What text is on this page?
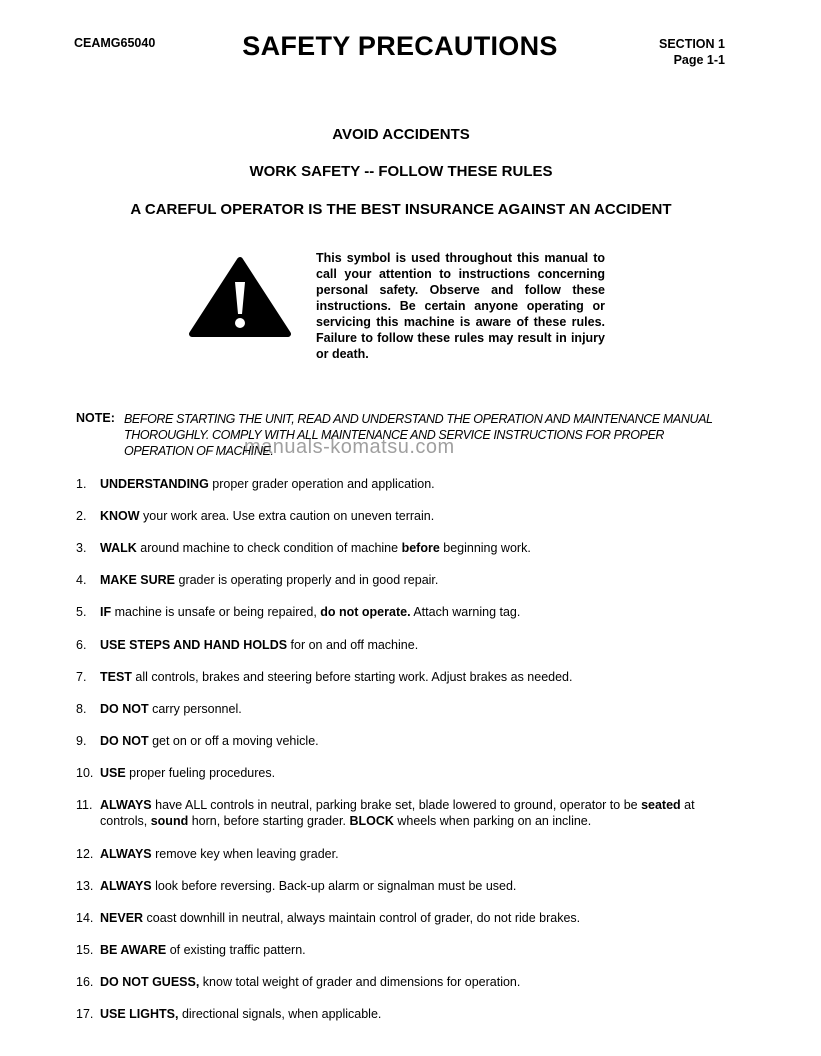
CEAMG65040	SAFETY PRECAUTIONS	SECTION 1
Page 1-1
AVOID ACCIDENTS
WORK SAFETY -- FOLLOW THESE RULES
A CAREFUL OPERATOR IS THE BEST INSURANCE AGAINST AN ACCIDENT
This symbol is used throughout this manual to call your attention to instructions concerning personal safety. Observe and follow these instructions. Be certain anyone operating or servicing this machine is aware of these rules. Failure to follow these rules may result in injury or death.
NOTE: BEFORE STARTING THE UNIT, READ AND UNDERSTAND THE OPERATION AND MAINTENANCE MANUAL THOROUGHLY. COMPLY WITH ALL MAINTENANCE AND SERVICE INSTRUCTIONS FOR PROPER OPERATION OF MACHINE.
manuals-komatsu.com
1. UNDERSTANDING proper grader operation and application.
2. KNOW your work area. Use extra caution on uneven terrain.
3. WALK around machine to check condition of machine before beginning work.
4. MAKE SURE grader is operating properly and in good repair.
5. IF machine is unsafe or being repaired, do not operate. Attach warning tag.
6. USE STEPS AND HAND HOLDS for on and off machine.
7. TEST all controls, brakes and steering before starting work. Adjust brakes as needed.
8. DO NOT carry personnel.
9. DO NOT get on or off a moving vehicle.
10. USE proper fueling procedures.
11. ALWAYS have ALL controls in neutral, parking brake set, blade lowered to ground, operator to be seated at controls, sound horn, before starting grader. BLOCK wheels when parking on an incline.
12. ALWAYS remove key when leaving grader.
13. ALWAYS look before reversing. Back-up alarm or signalman must be used.
14. NEVER coast downhill in neutral, always maintain control of grader, do not ride brakes.
15. BE AWARE of existing traffic pattern.
16. DO NOT GUESS, know total weight of grader and dimensions for operation.
17. USE LIGHTS, directional signals, when applicable.
